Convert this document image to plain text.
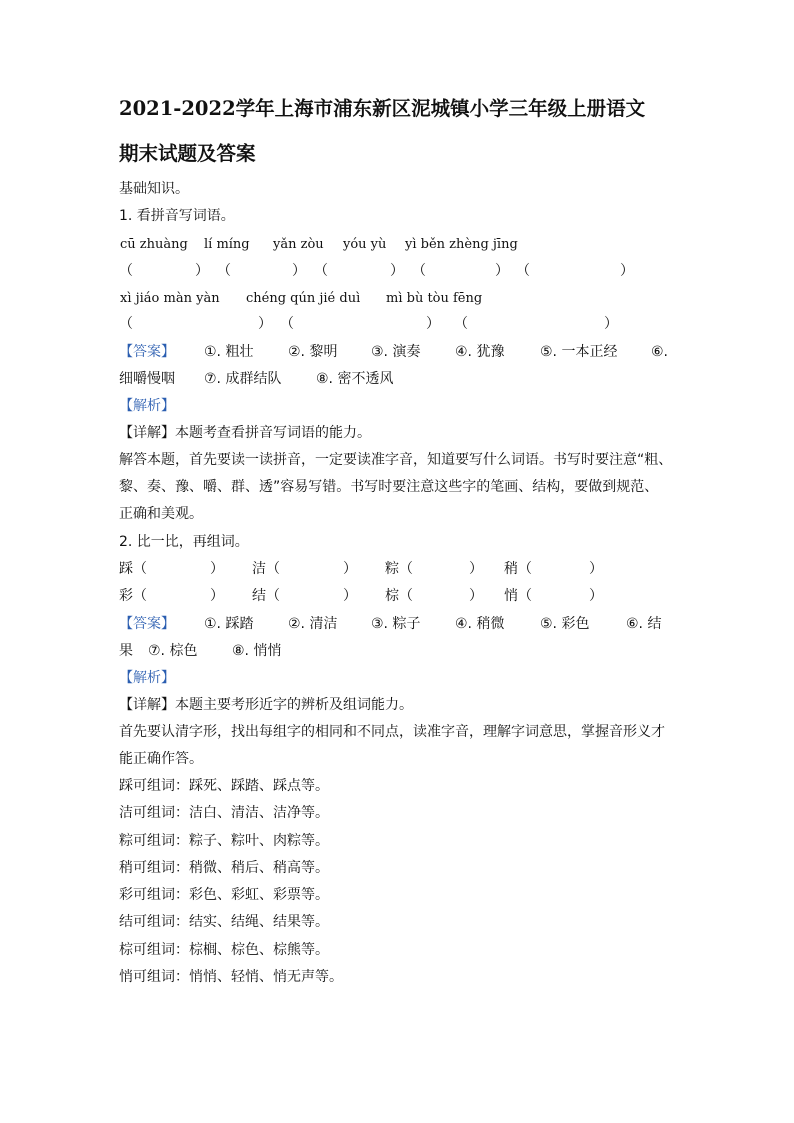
2021-2022学年上海市浦东新区泥城镇小学三年级上册语文
期末试题及答案
基础知识。
1. 看拼音写词语。
cū zhuàng lí míng yǎn zòu yóu yù yì běn zhèng jīng
（	） （	） （	） （	） （	）
xì jiáo màn yàn chéng qún jié duì mì bù tòu fēng
（	） （	） （	）
【答案】 ①. 粗壮 ②. 黎明 ③. 演奏 ④. 犹豫	⑤. 一本正经 ⑥.
细嚼慢咽 ⑦. 成群结队 ⑧. 密不透风
【解析】
【详解】本题考查看拼音写词语的能力。
解答本题，首先要读一读拼音，一定要读准字音，知道要写什么词语。书写时要注意“粗、
黎、奏、豫、嚼、群、透”容易写错。书写时要注意这些字的笔画、结构，要做到规范、
正确和美观。
2. 比一比，再组词。
踩（	） 洁（	） 粽（	） 稍（	）
彩（	） 结（	） 棕（	） 悄（	）
【答案】 ①. 踩踏 ②. 清洁 ③. 粽子 ④. 稍微	⑤. 彩色	⑥. 结
果 ⑦. 棕色 ⑧. 悄悄
【解析】
【详解】本题主要考形近字的辨析及组词能力。
首先要认清字形，找出每组字的相同和不同点，读准字音，理解字词意思，掌握音形义才
能正确作答。
踩可组词：踩死、踩踏、踩点等。
洁可组词：洁白、清洁、洁净等。
粽可组词：粽子、粽叶、肉粽等。
稍可组词：稍微、稍后、稍高等。
彩可组词：彩色、彩虹、彩票等。
结可组词：结实、结绳、结果等。
棕可组词：棕榈、棕色、棕熊等。
悄可组词：悄悄、轻悄、悄无声等。
